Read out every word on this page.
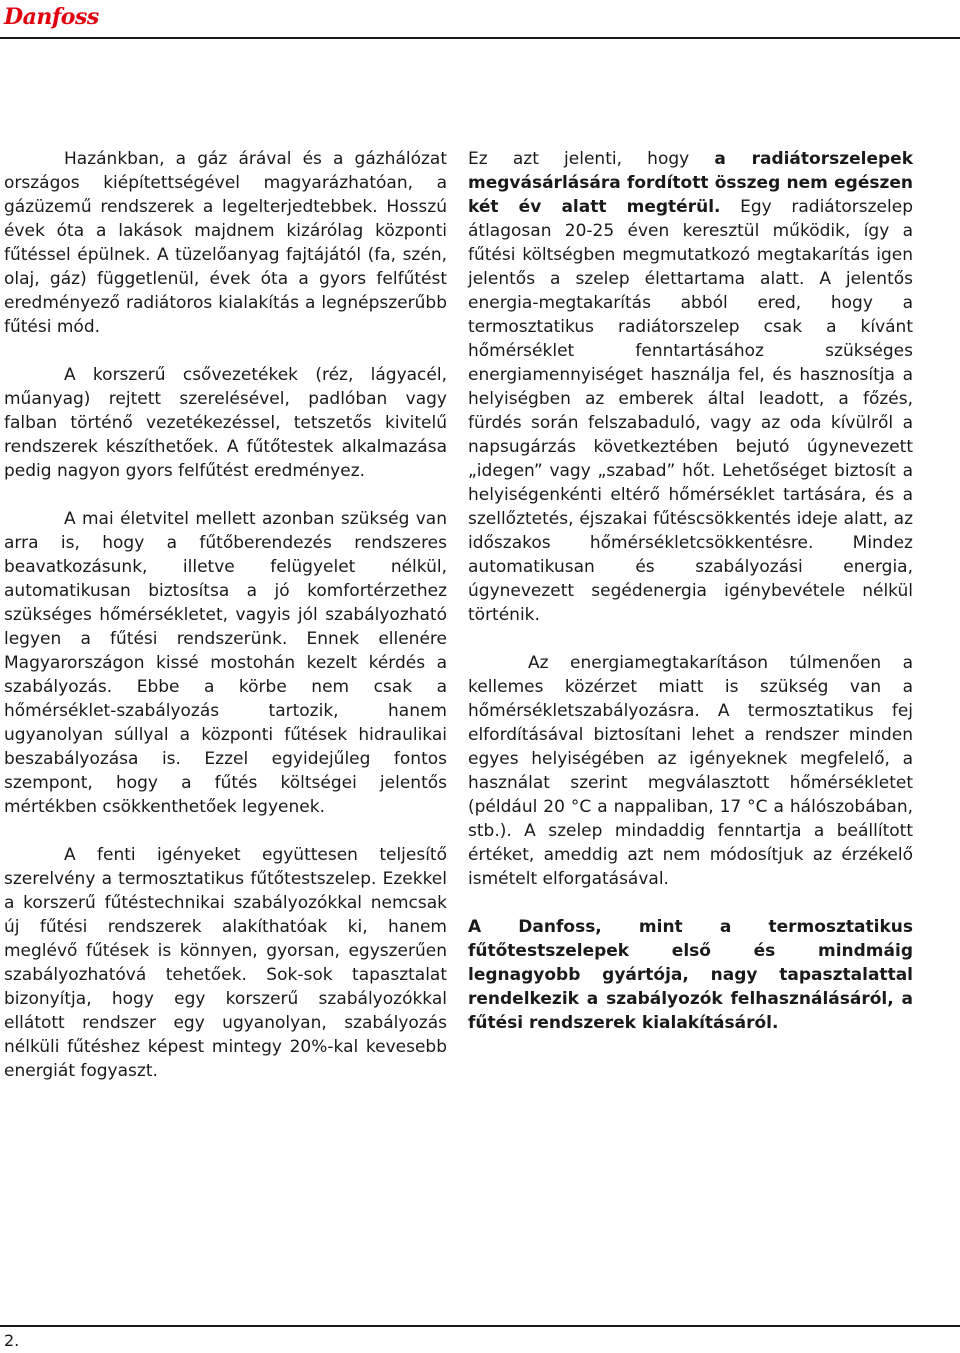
Danfoss

Hazánkban, a gáz árával és a gázhálózat országos kiépítettségével magyarázhatóan, a gázüzemű rendszerek a legelterjedtebbek. Hosszú évek óta a lakások majdnem kizárólag központi fűtéssel épülnek. A tüzelőanyag fajtájától (fa, szén, olaj, gáz) függetlenül, évek óta a gyors felfűtést eredményező radiátoros kialakítás a legnépszerűbb fűtési mód.

A korszerű csővezetékek (réz, lágyacél, műanyag) rejtett szerelésével, padlóban vagy falban történő vezetékezéssel, tetszetős kivitelű rendszerek készíthetőek. A fűtőtestek alkalmazása pedig nagyon gyors felfűtést eredményez.

A mai életvitel mellett azonban szükség van arra is, hogy a fűtőberendezés rendszeres beavatkozásunk, illetve felügyelet nélkül, automatikusan biztosítsa a jó komfortérzethez szükséges hőmérsékletet, vagyis jól szabályozható legyen a fűtési rendszerünk. Ennek ellenére Magyarországon kissé mostohán kezelt kérdés a szabályozás. Ebbe a körbe nem csak a hőmérséklet-szabályozás tartozik, hanem ugyanolyan súllyal a központi fűtések hidraulikai beszabályozása is. Ezzel egyidejűleg fontos szempont, hogy a fűtés költségei jelentős mértékben csökkenthetőek legyenek.

A fenti igényeket együttesen teljesítő szerelvény a termosztatikus fűtőtestszelep. Ezekkel a korszerű fűtéstechnikai szabályozókkal nemcsak új fűtési rendszerek alakíthatóak ki, hanem meglévő fűtések is könnyen, gyorsan, egyszerűen szabályozhatóvá tehetőek. Sok-sok tapasztalat bizonyítja, hogy egy korszerű szabályozókkal ellátott rendszer egy ugyanolyan, szabályozás nélküli fűtéshez képest mintegy 20%-kal kevesebb energiát fogyaszt.

Ez azt jelenti, hogy a radiátorszelepek megvásárlására fordított összeg nem egészen két év alatt megtérül. Egy radiátorszelep átlagosan 20-25 éven keresztül működik, így a fűtési költségben megmutatkozó megtakarítás igen jelentős a szelep élettartama alatt. A jelentős energia-megtakarítás abból ered, hogy a termosztatikus radiátorszelep csak a kívánt hőmérséklet fenntartásához szükséges energiamennyiséget használja fel, és hasznosítja a helyiségben az emberek által leadott, a főzés, fürdés során felszabaduló, vagy az oda kívülről a napsugárzás következtében bejutó úgynevezett „idegen” vagy „szabad” hőt. Lehetőséget biztosít a helyiségenkénti eltérő hőmérséklet tartására, és a szellőztetés, éjszakai fűtéscsökkentés ideje alatt, az időszakos hőmérsékletcsökkentésre. Mindez automatikusan és szabályozási energia, úgynevezett segédenergia igénybevétele nélkül történik.

Az energiamegtakarításon túlmenően a kellemes közérzet miatt is szükség van a hőmérsékletszabályozásra. A termosztatikus fej elfordításával biztosítani lehet a rendszer minden egyes helyiségében az igényeknek megfelelő, a használat szerint megválasztott hőmérsékletet (például 20 °C a nappaliban, 17 °C a hálószobában, stb.). A szelep mindaddig fenntartja a beállított értéket, ameddig azt nem módosítjuk az érzékelő ismételt elforgatásával.

A Danfoss, mint a termosztatikus fűtőtestszelepek első és mindmáig legnagyobb gyártója, nagy tapasztalattal rendelkezik a szabályozók felhasználásáról, a fűtési rendszerek kialakításáról.

2.
